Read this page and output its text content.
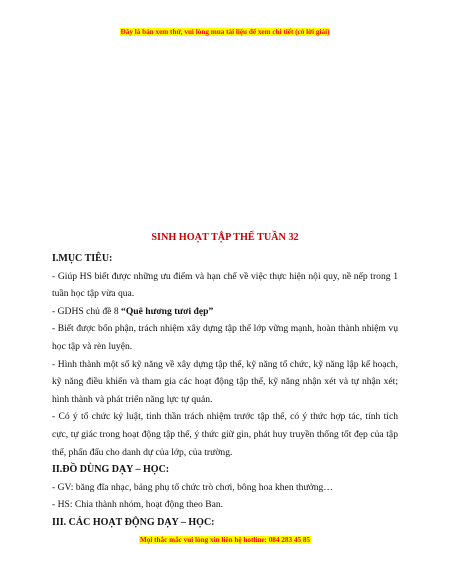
Đây là bản xem thử, vui lòng mua tài liệu để xem chi tiết (có lời giải)
SINH HOẠT TẬP THỂ TUẦN 32
I.MỤC TIÊU:

- Giúp HS biết được những ưu điểm và hạn chế về việc thực hiện nội quy, nề nếp trong 1 tuần học tập vừa qua.

- GDHS chủ đề 8 “Quê hương tươi đẹp”

- Biết được bổn phận, trách nhiệm xây dựng tập thể lớp vững mạnh, hoàn thành nhiệm vụ học tập và rèn luyện.

- Hình thành một số kỹ năng về xây dựng tập thể, kỹ năng tổ chức, kỹ năng lập kế hoạch, kỹ năng điều khiển và tham gia các hoạt động tập thể, kỹ năng nhận xét và tự nhận xét; hình thành và phát triển năng lực tự quản.

- Có ý tổ chức kỷ luật, tinh thần trách nhiệm trước tập thể, có ý thức hợp tác, tính tích cực, tự giác trong hoạt động tập thể, ý thức giữ gìn, phát huy truyền thống tốt đẹp của tập thể, phấn đấu cho danh dự của lớp, của trường.

II.ĐỒ DÙNG DẠY – HỌC:

- GV: băng đĩa nhạc, bảng phụ tổ chức trò chơi, bông hoa khen thưởng…

- HS: Chia thành nhóm, hoạt động theo Ban.

III. CÁC HOẠT ĐỘNG DẠY – HỌC:
Mọi thắc mắc vui lòng xin liên hệ hotline: 084 283 45 85
